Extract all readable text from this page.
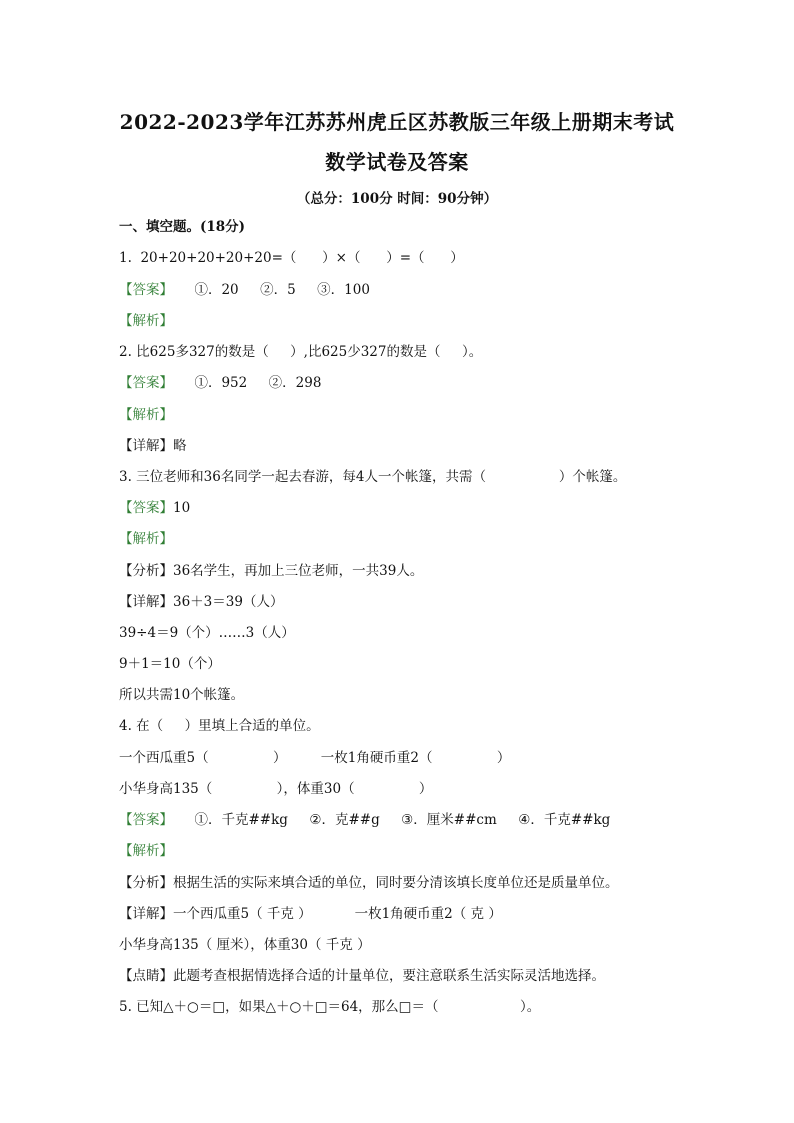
2022-2023学年江苏苏州虎丘区苏教版三年级上册期末考试
数学试卷及答案
（总分：100分 时间：90分钟）
一、填空题。(18分)
1.  20+20+20+20+20=（      ）×（      ）=（      ）
【答案】     ①．20     ②．5     ③．100
【解析】
2. 比625多327的数是（     ）,比625少327的数是（     ）。
【答案】     ①．952     ②．298
【解析】
【详解】略
3. 三位老师和36名同学一起去春游，每4人一个帐篷，共需（                 ）个帐篷。
【答案】10
【解析】
【分析】36名学生，再加上三位老师，一共39人。
【详解】36＋3＝39（人）
39÷4＝9（个）……3（人）
9＋1＝10（个）
所以共需10个帐篷。
4. 在（     ）里填上合适的单位。
一个西瓜重5（               ）        一枚1角硬币重2（               ）
小华身高135（               ），体重30（               ）
【答案】     ①．千克##kg     ②．克##g     ③．厘米##cm     ④．千克##kg
【解析】
【分析】根据生活的实际来填合适的单位，同时要分清该填长度单位还是质量单位。
【详解】一个西瓜重5（ 千克 ）          一枚1角硬币重2（ 克 ）
小华身高135（ 厘米），体重30（ 千克 ）
【点睛】此题考查根据情选择合适的计量单位，要注意联系生活实际灵活地选择。
5. 已知△＋○＝□，如果△＋○＋□＝64，那么□＝（                   ）。
